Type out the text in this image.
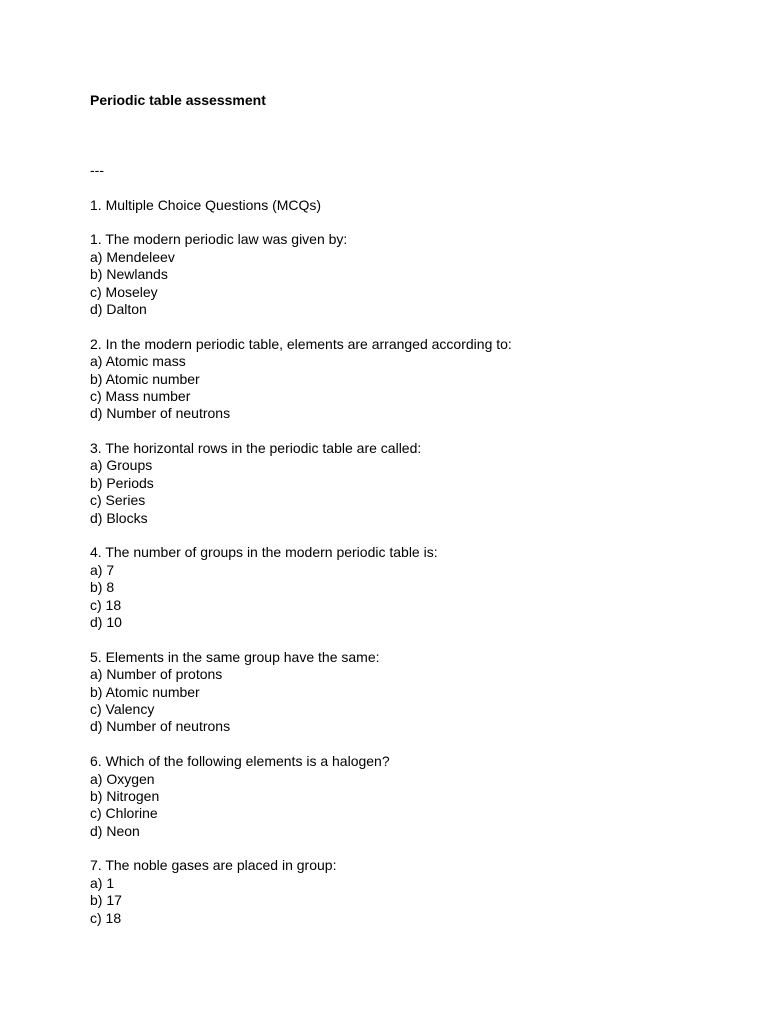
Periodic table assessment
---
1. Multiple Choice Questions (MCQs)
1. The modern periodic law was given by:
a) Mendeleev
b) Newlands
c) Moseley
d) Dalton
2. In the modern periodic table, elements are arranged according to:
a) Atomic mass
b) Atomic number
c) Mass number
d) Number of neutrons
3. The horizontal rows in the periodic table are called:
a) Groups
b) Periods
c) Series
d) Blocks
4. The number of groups in the modern periodic table is:
a) 7
b) 8
c) 18
d) 10
5. Elements in the same group have the same:
a) Number of protons
b) Atomic number
c) Valency
d) Number of neutrons
6. Which of the following elements is a halogen?
a) Oxygen
b) Nitrogen
c) Chlorine
d) Neon
7. The noble gases are placed in group:
a) 1
b) 17
c) 18
